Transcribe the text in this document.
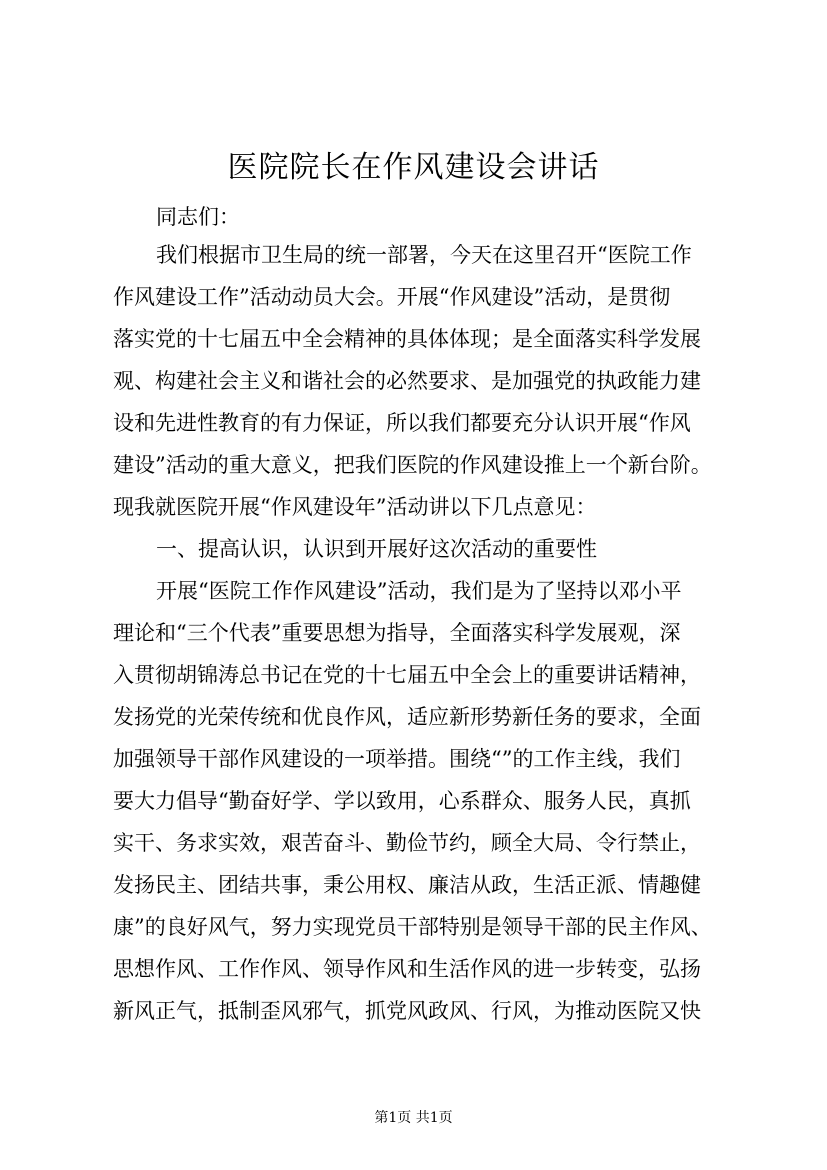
医院院长在作风建设会讲话

同志们：

我们根据市卫生局的统一部署，今天在这里召开“医院工作

作风建设工作”活动动员大会。开展“作风建设”活动，是贯彻

落实党的十七届五中全会精神的具体体现；是全面落实科学发展

观、构建社会主义和谐社会的必然要求、是加强党的执政能力建

设和先进性教育的有力保证，所以我们都要充分认识开展“作风

建设”活动的重大意义，把我们医院的作风建设推上一个新台阶。

现我就医院开展“作风建设年”活动讲以下几点意见：

一、提高认识，认识到开展好这次活动的重要性

开展“医院工作作风建设”活动，我们是为了坚持以邓小平

理论和“三个代表”重要思想为指导，全面落实科学发展观，深

入贯彻胡锦涛总书记在党的十七届五中全会上的重要讲话精神，

发扬党的光荣传统和优良作风，适应新形势新任务的要求，全面

加强领导干部作风建设的一项举措。围绕“”的工作主线，我们

要大力倡导“勤奋好学、学以致用，心系群众、服务人民，真抓

实干、务求实效，艰苦奋斗、勤俭节约，顾全大局、令行禁止，

发扬民主、团结共事，秉公用权、廉洁从政，生活正派、情趣健

康”的良好风气，努力实现党员干部特别是领导干部的民主作风、

思想作风、工作作风、领导作风和生活作风的进一步转变，弘扬

新风正气，抵制歪风邪气，抓党风政风、行风，为推动医院又快

第1页 共1页
